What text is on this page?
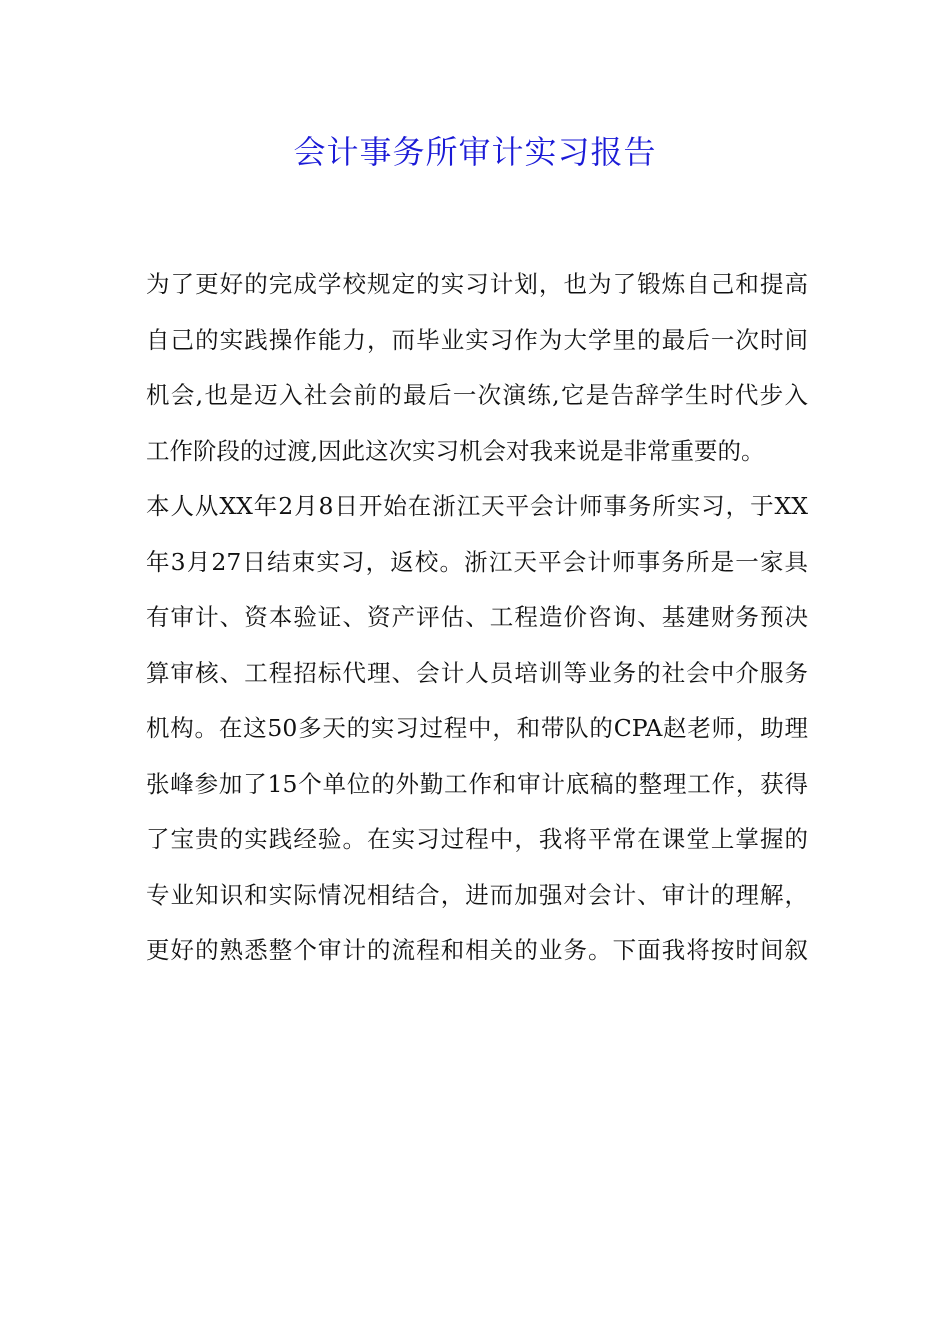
会计事务所审计实习报告
为了更好的完成学校规定的实习计划，也为了锻炼自己和提高
自己的实践操作能力，而毕业实习作为大学里的最后一次时间
机会,也是迈入社会前的最后一次演练,它是告辞学生时代步入
工作阶段的过渡,因此这次实习机会对我来说是非常重要的。
本人从XX年2月8日开始在浙江天平会计师事务所实习，于XX
年3月27日结束实习，返校。浙江天平会计师事务所是一家具
有审计、资本验证、资产评估、工程造价咨询、基建财务预决
算审核、工程招标代理、会计人员培训等业务的社会中介服务
机构。在这50多天的实习过程中，和带队的CPA赵老师，助理
张峰参加了15个单位的外勤工作和审计底稿的整理工作，获得
了宝贵的实践经验。在实习过程中，我将平常在课堂上掌握的
专业知识和实际情况相结合，进而加强对会计、审计的理解，
更好的熟悉整个审计的流程和相关的业务。下面我将按时间叙
